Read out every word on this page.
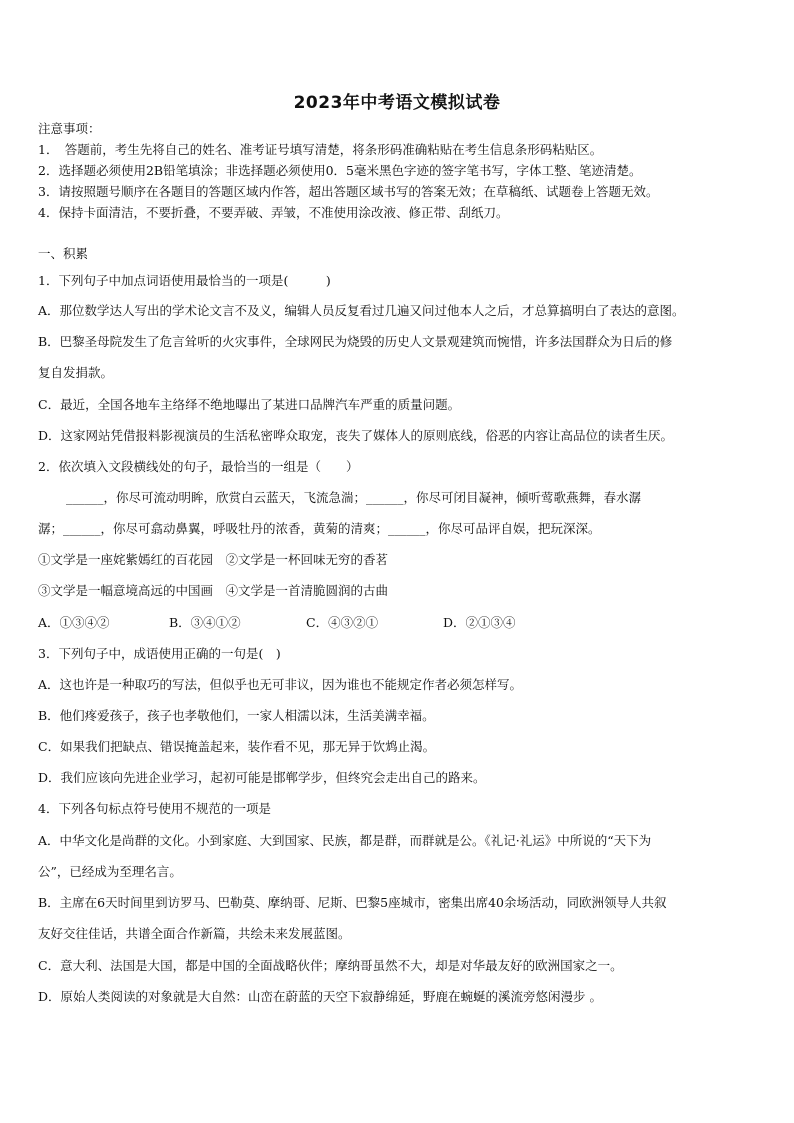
2023年中考语文模拟试卷
注意事项：
1．　答题前，考生先将自己的姓名、准考证号填写清楚，将条形码准确粘贴在考生信息条形码粘贴区。
2．选择题必须使用2B铅笔填涂；非选择题必须使用0．5毫米黑色字迹的签字笔书写，字体工整、笔迹清楚。
3．请按照题号顺序在各题目的答题区域内作答，超出答题区域书写的答案无效；在草稿纸、试题卷上答题无效。
4．保持卡面清洁，不要折叠，不要弄破、弄皱，不准使用涂改液、修正带、刮纸刀。
一、积累
1．下列句子中加点词语使用最恰当的一项是(　　　)
A．那位数学达人写出的学术论文言不及义，编辑人员反复看过几遍又问过他本人之后，才总算搞明白了表达的意图。
B．巴黎圣母院发生了危言耸听的火灾事件，全球网民为烧毁的历史人文景观建筑而惋惜，许多法国群众为日后的修
复自发捐款。
C．最近，全国各地车主络绎不绝地曝出了某进口品牌汽车严重的质量问题。
D．这家网站凭借报料影视演员的生活私密哗众取宠，丧失了媒体人的原则底线，俗恶的内容让高品位的读者生厌。
2．依次填入文段横线处的句子，最恰当的一组是（　　）
______，你尽可流动明眸，欣赏白云蓝天，飞流急湍；______，你尽可闭目凝神，倾听莺歌燕舞，春水潺
潺；______，你尽可翕动鼻翼，呼吸牡丹的浓香，黄菊的清爽；______，你尽可品评自娱，把玩深深。
①文学是一座姹紫嫣红的百花园　②文学是一杯回味无穷的香茗
③文学是一幅意境高远的中国画　④文学是一首清脆圆润的古曲
A．①③④②	B．③④①②	C．④③②①	D．②①③④
3．下列句子中，成语使用正确的一句是(　)
A．这也许是一种取巧的写法，但似乎也无可非议，因为谁也不能规定作者必须怎样写。
B．他们疼爱孩子，孩子也孝敬他们，一家人相濡以沫，生活美满幸福。
C．如果我们把缺点、错误掩盖起来，装作看不见，那无异于饮鸩止渴。
D．我们应该向先进企业学习，起初可能是邯郸学步，但终究会走出自己的路来。
4．下列各句标点符号使用不规范的一项是
A．中华文化是尚群的文化。小到家庭、大到国家、民族，都是群，而群就是公。《礼记·礼运》中所说的“天下为
公”，已经成为至理名言。
B．主席在6天时间里到访罗马、巴勒莫、摩纳哥、尼斯、巴黎5座城市，密集出席40余场活动，同欧洲领导人共叙
友好交往佳话，共谱全面合作新篇，共绘未来发展蓝图。
C．意大利、法国是大国，都是中国的全面战略伙伴；摩纳哥虽然不大，却是对华最友好的欧洲国家之一。
D．原始人类阅读的对象就是大自然：山峦在蔚蓝的天空下寂静绵延，野鹿在蜿蜒的溪流旁悠闲漫步 。
